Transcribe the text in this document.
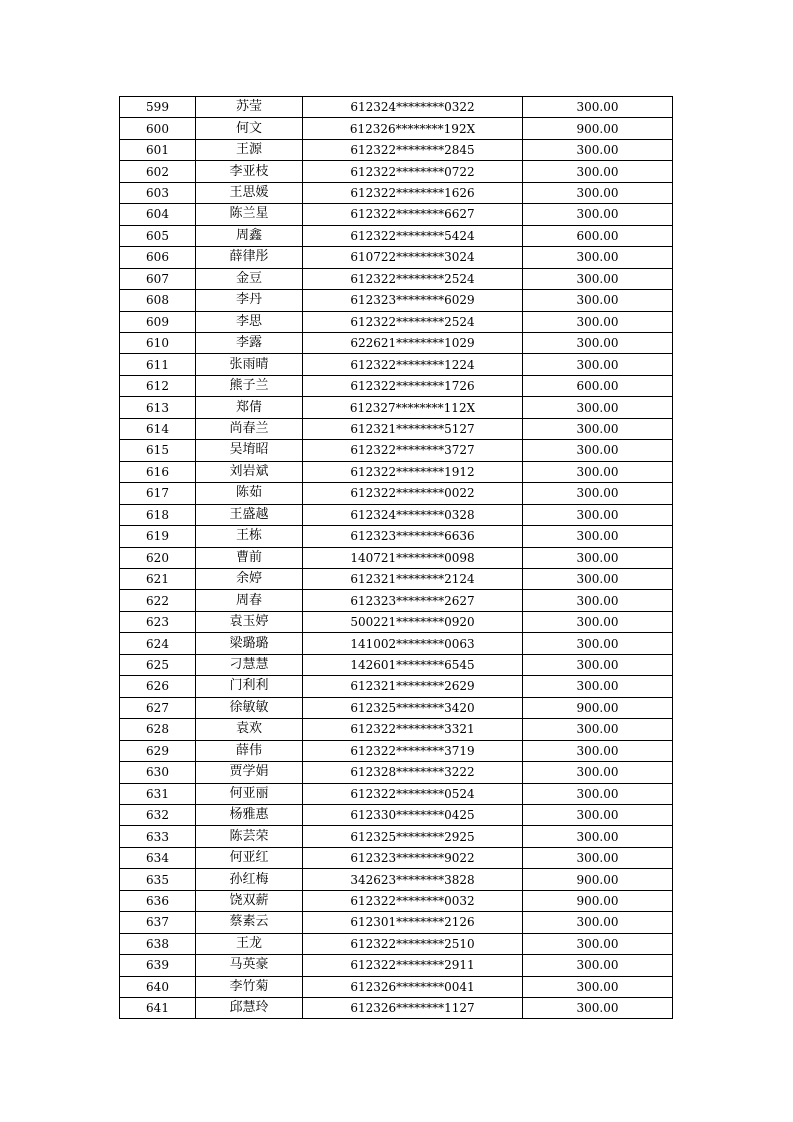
599	苏莹	612324********0322	300.00
600	何文	612326********192X	900.00
601	王源	612322********2845	300.00
602	李亚枝	612322********0722	300.00
603	王思媛	612322********1626	300.00
604	陈兰星	612322********6627	300.00
605	周鑫	612322********5424	600.00
606	薛律彤	610722********3024	300.00
607	金豆	612322********2524	300.00
608	李丹	612323********6029	300.00
609	李思	612322********2524	300.00
610	李露	622621********1029	300.00
611	张雨晴	612322********1224	300.00
612	熊子兰	612322********1726	600.00
613	郑倩	612327********112X	300.00
614	尚春兰	612321********5127	300.00
615	吴堉昭	612322********3727	300.00
616	刘岩斌	612322********1912	300.00
617	陈茹	612322********0022	300.00
618	王盛越	612324********0328	300.00
619	王栋	612323********6636	300.00
620	曹前	140721********0098	300.00
621	余婷	612321********2124	300.00
622	周春	612323********2627	300.00
623	袁玉婷	500221********0920	300.00
624	梁璐璐	141002********0063	300.00
625	刁慧慧	142601********6545	300.00
626	门利利	612321********2629	300.00
627	徐敏敏	612325********3420	900.00
628	袁欢	612322********3321	300.00
629	薛伟	612322********3719	300.00
630	贾学娟	612328********3222	300.00
631	何亚丽	612322********0524	300.00
632	杨雅惠	612330********0425	300.00
633	陈芸荣	612325********2925	300.00
634	何亚红	612323********9022	300.00
635	孙红梅	342623********3828	900.00
636	饶双薪	612322********0032	900.00
637	蔡素云	612301********2126	300.00
638	王龙	612322********2510	300.00
639	马英豪	612322********2911	300.00
640	李竹菊	612326********0041	300.00
641	邱慧玲	612326********1127	300.00
